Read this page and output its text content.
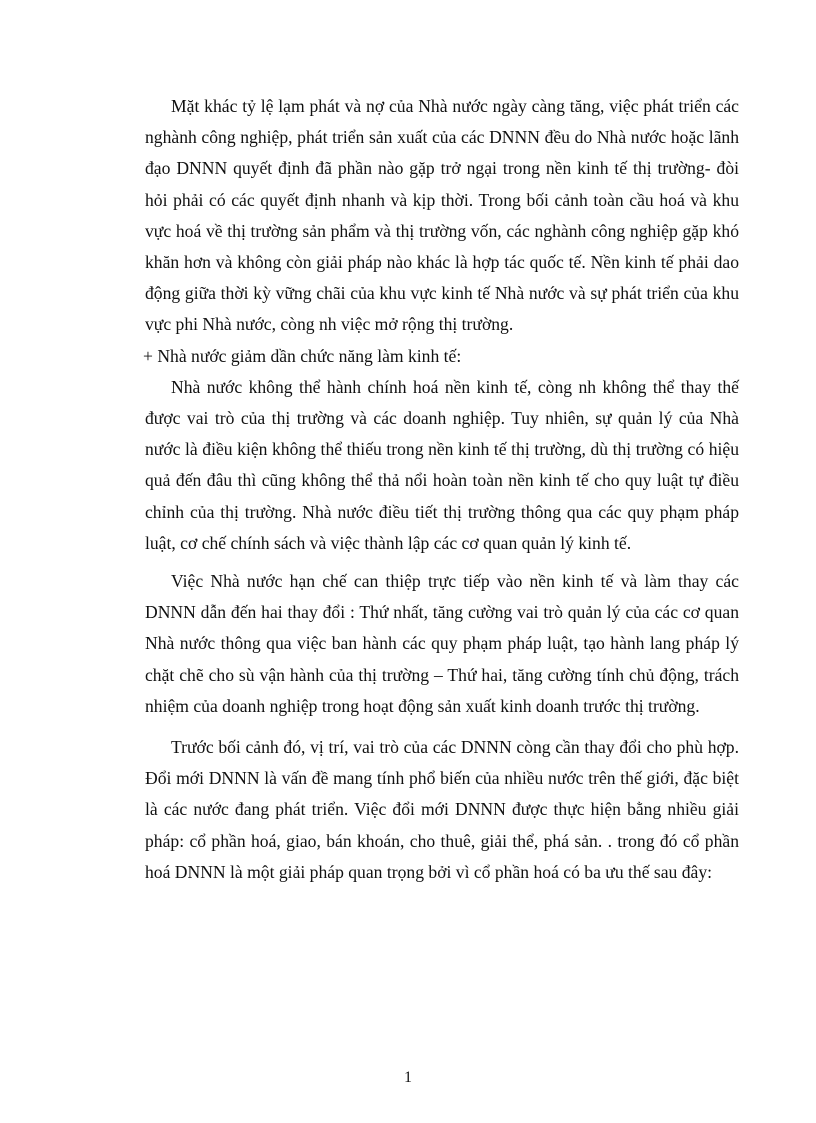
Mặt khác tỷ lệ lạm phát và nợ của Nhà nước ngày càng tăng, việc phát triển các nghành công nghiệp, phát triển sản xuất của các DNNN đều do Nhà nước hoặc lãnh đạo DNNN quyết định đã phần nào gặp trở ngại trong nền kinh tế thị trường- đòi hỏi phải có các quyết định nhanh và kịp thời. Trong bối cảnh toàn cầu hoá và khu vực hoá về thị trường sản phẩm và thị trường vốn, các nghành công nghiệp gặp khó khăn hơn và không còn giải pháp nào khác là hợp tác quốc tế. Nền kinh tế phải dao động giữa thời kỳ vững chãi của khu vực kinh tế Nhà nước và sự phát triển của khu vực phi Nhà nước, còng nh việc mở rộng thị trường.

+ Nhà nước giảm dần chức năng làm kinh tế:

Nhà nước không thể hành chính hoá nền kinh tế, còng nh không thể thay thế được vai trò của thị trường và các doanh nghiệp. Tuy nhiên, sự quản lý của Nhà nước là điều kiện không thể thiếu trong nền kinh tế thị trường, dù thị trường có hiệu quả đến đâu thì cũng không thể thả nổi hoàn toàn nền kinh tế cho quy luật tự điều chỉnh của thị trường. Nhà nước điều tiết thị trường thông qua các quy phạm pháp luật, cơ chế chính sách và việc thành lập các cơ quan quản lý kinh tế.

Việc Nhà nước hạn chế can thiệp trực tiếp vào nền kinh tế và làm thay các DNNN dẫn đến hai thay đổi : Thứ nhất, tăng cường vai trò quản lý của các cơ quan Nhà nước thông qua việc ban hành các quy phạm pháp luật, tạo hành lang pháp lý chặt chẽ cho sù vận hành của thị trường – Thứ hai, tăng cường tính chủ động, trách nhiệm của doanh nghiệp trong hoạt động sản xuất kinh doanh trước thị trường.

Trước bối cảnh đó, vị trí, vai trò của các DNNN còng cần thay đổi cho phù hợp. Đổi mới DNNN là vấn đề mang tính phổ biến của nhiều nước trên thế giới, đặc biệt là các nước đang phát triển. Việc đổi mới DNNN được thực hiện bằng nhiều giải pháp: cổ phần hoá, giao, bán khoán, cho thuê, giải thể, phá sản. . trong đó cổ phần hoá DNNN là một giải pháp quan trọng bởi vì cổ phần hoá có ba ưu thế sau đây:

1
